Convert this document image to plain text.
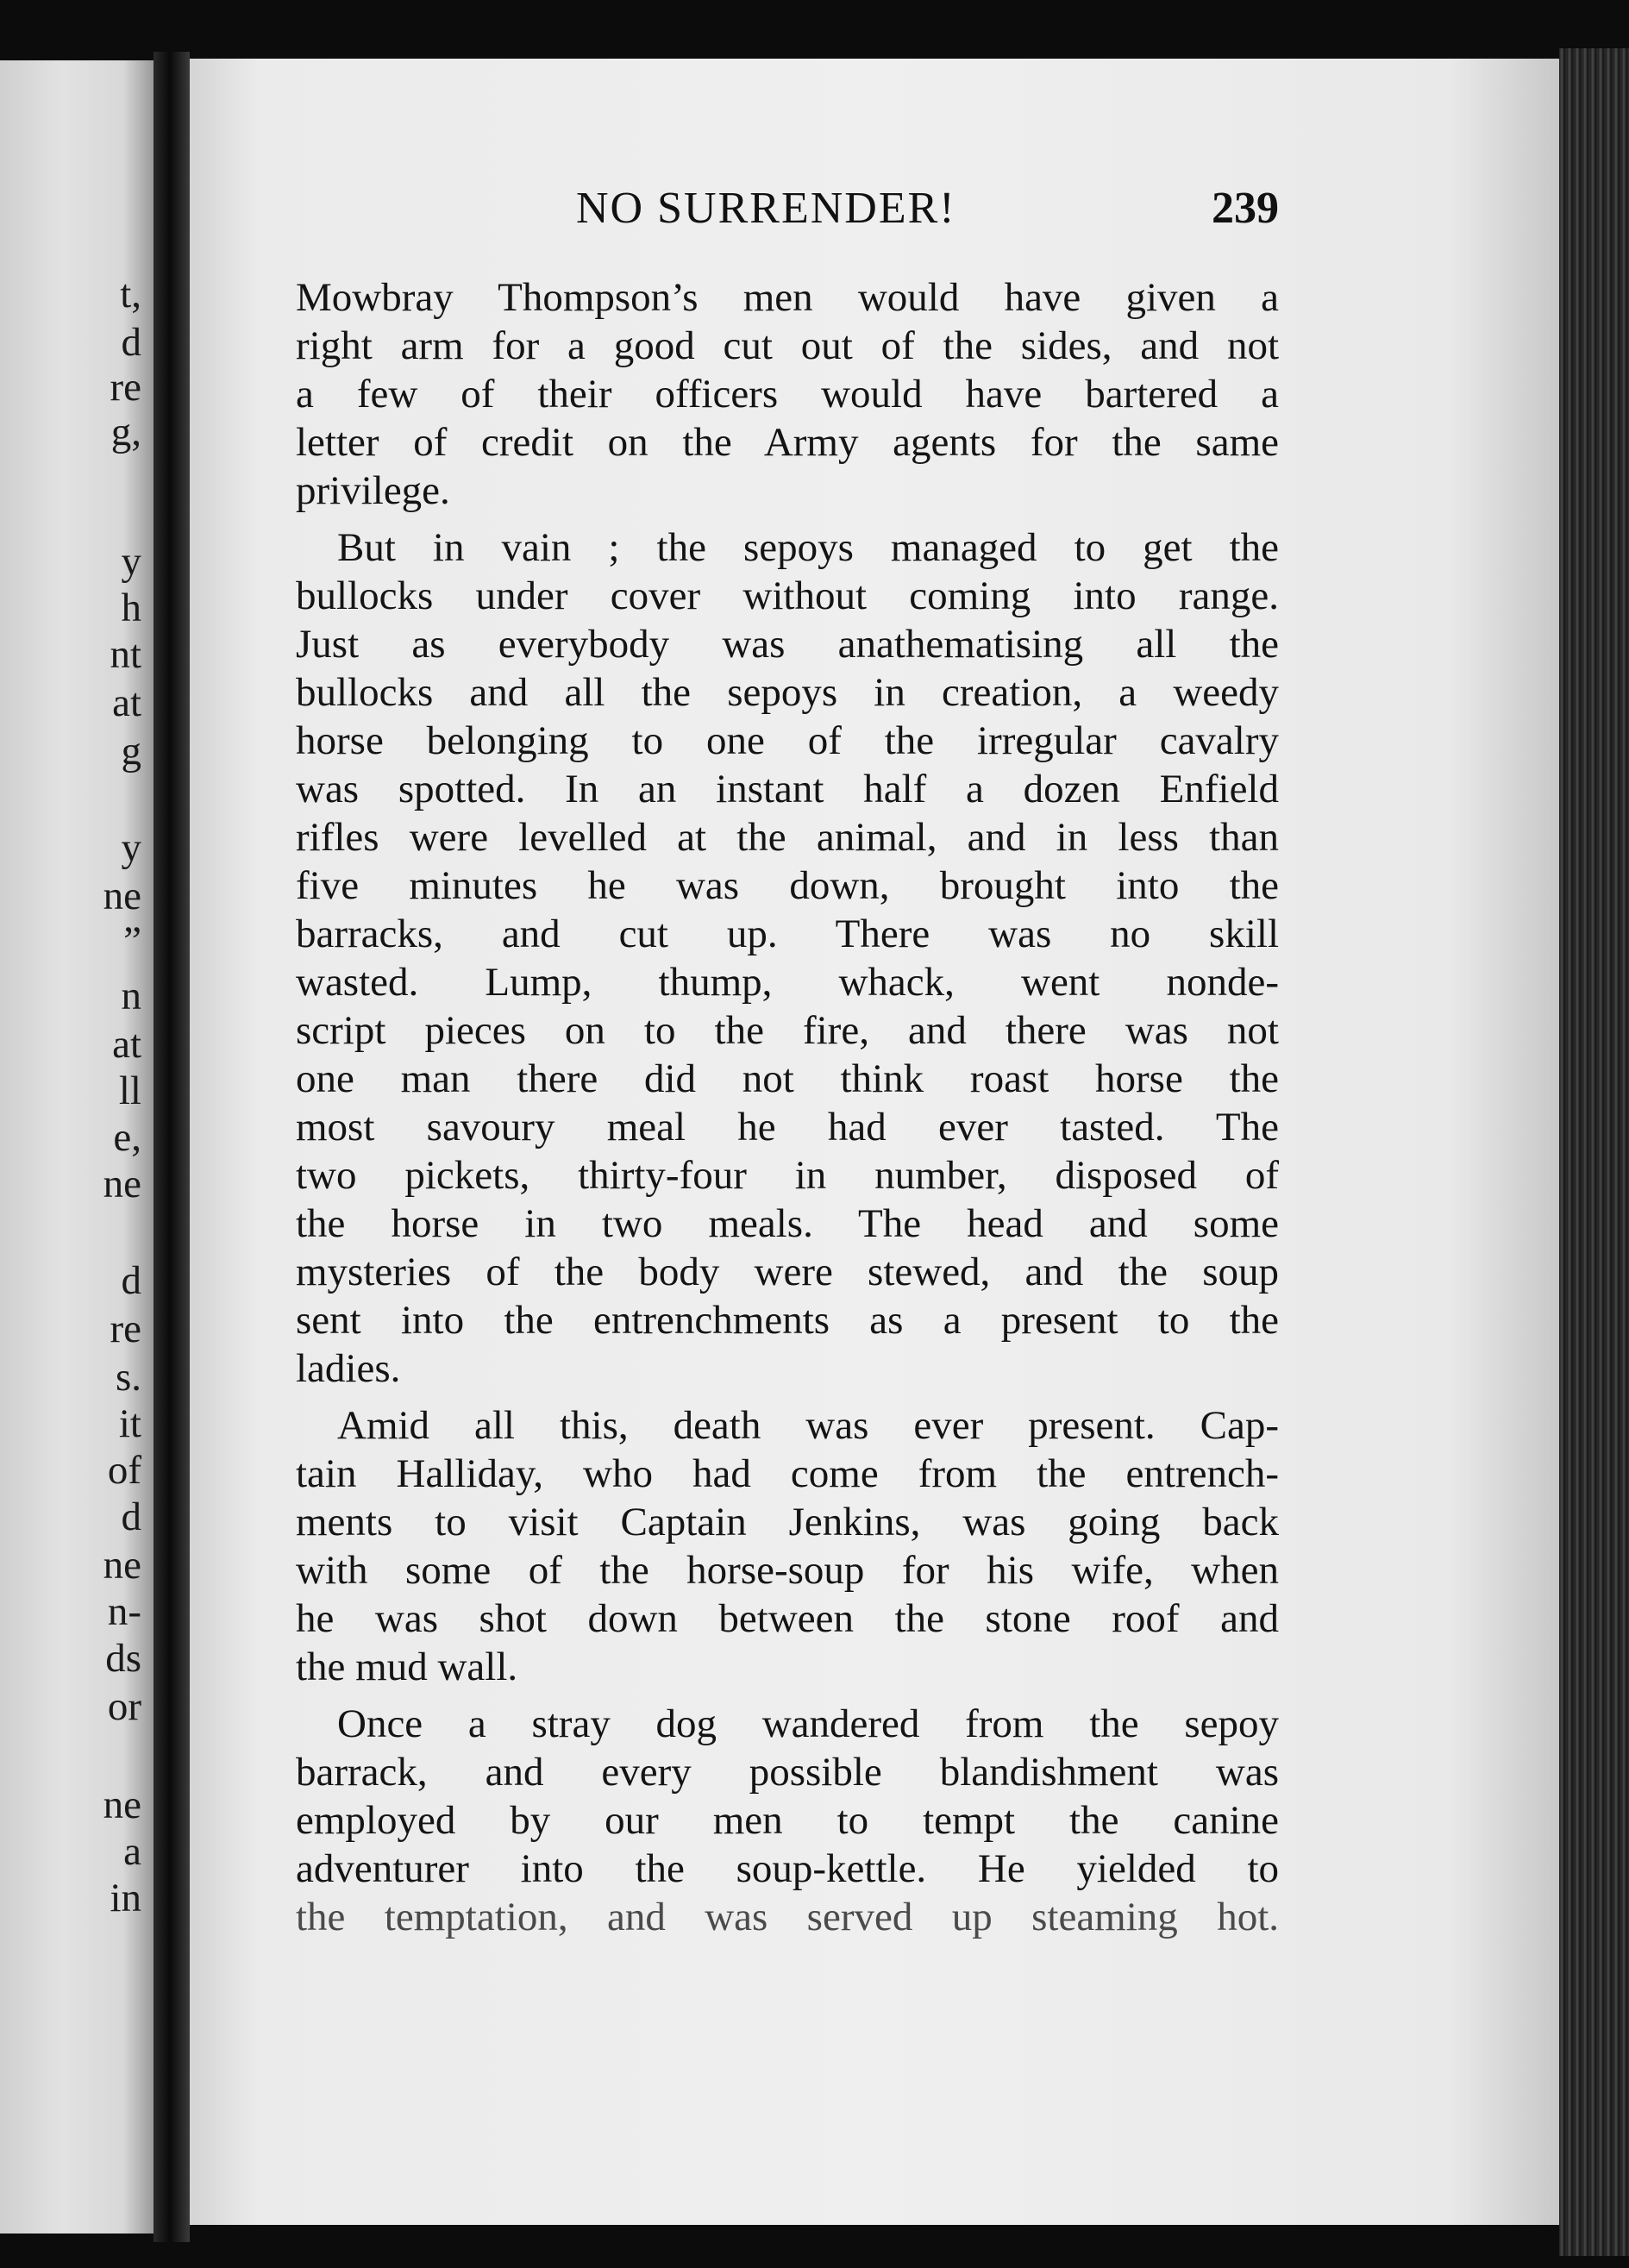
t,
d
re
g,
y
h
nt
at
g
y
ne
”
n
at
ll
e,
ne
d
re
s.
it
of
d
ne
n-
ds
or
ne
a
in
NO SURRENDER!	239
Mowbray Thompson’s men would have given a
right arm for a good cut out of the sides, and not
a few of their officers would have bartered a
letter of credit on the Army agents for the same
privilege.
But in vain ; the sepoys managed to get the
bullocks under cover without coming into range.
Just as everybody was anathematising all the
bullocks and all the sepoys in creation, a weedy
horse belonging to one of the irregular cavalry
was spotted. In an instant half a dozen Enfield
rifles were levelled at the animal, and in less than
five minutes he was down, brought into the
barracks, and cut up. There was no skill
wasted. Lump, thump, whack, went nonde-
script pieces on to the fire, and there was not
one man there did not think roast horse the
most savoury meal he had ever tasted. The
two pickets, thirty-four in number, disposed of
the horse in two meals. The head and some
mysteries of the body were stewed, and the soup
sent into the entrenchments as a present to the
ladies.
Amid all this, death was ever present. Cap-
tain Halliday, who had come from the entrench-
ments to visit Captain Jenkins, was going back
with some of the horse-soup for his wife, when
he was shot down between the stone roof and
the mud wall.
Once a stray dog wandered from the sepoy
barrack, and every possible blandishment was
employed by our men to tempt the canine
adventurer into the soup-kettle. He yielded to
the temptation, and was served up steaming hot.
